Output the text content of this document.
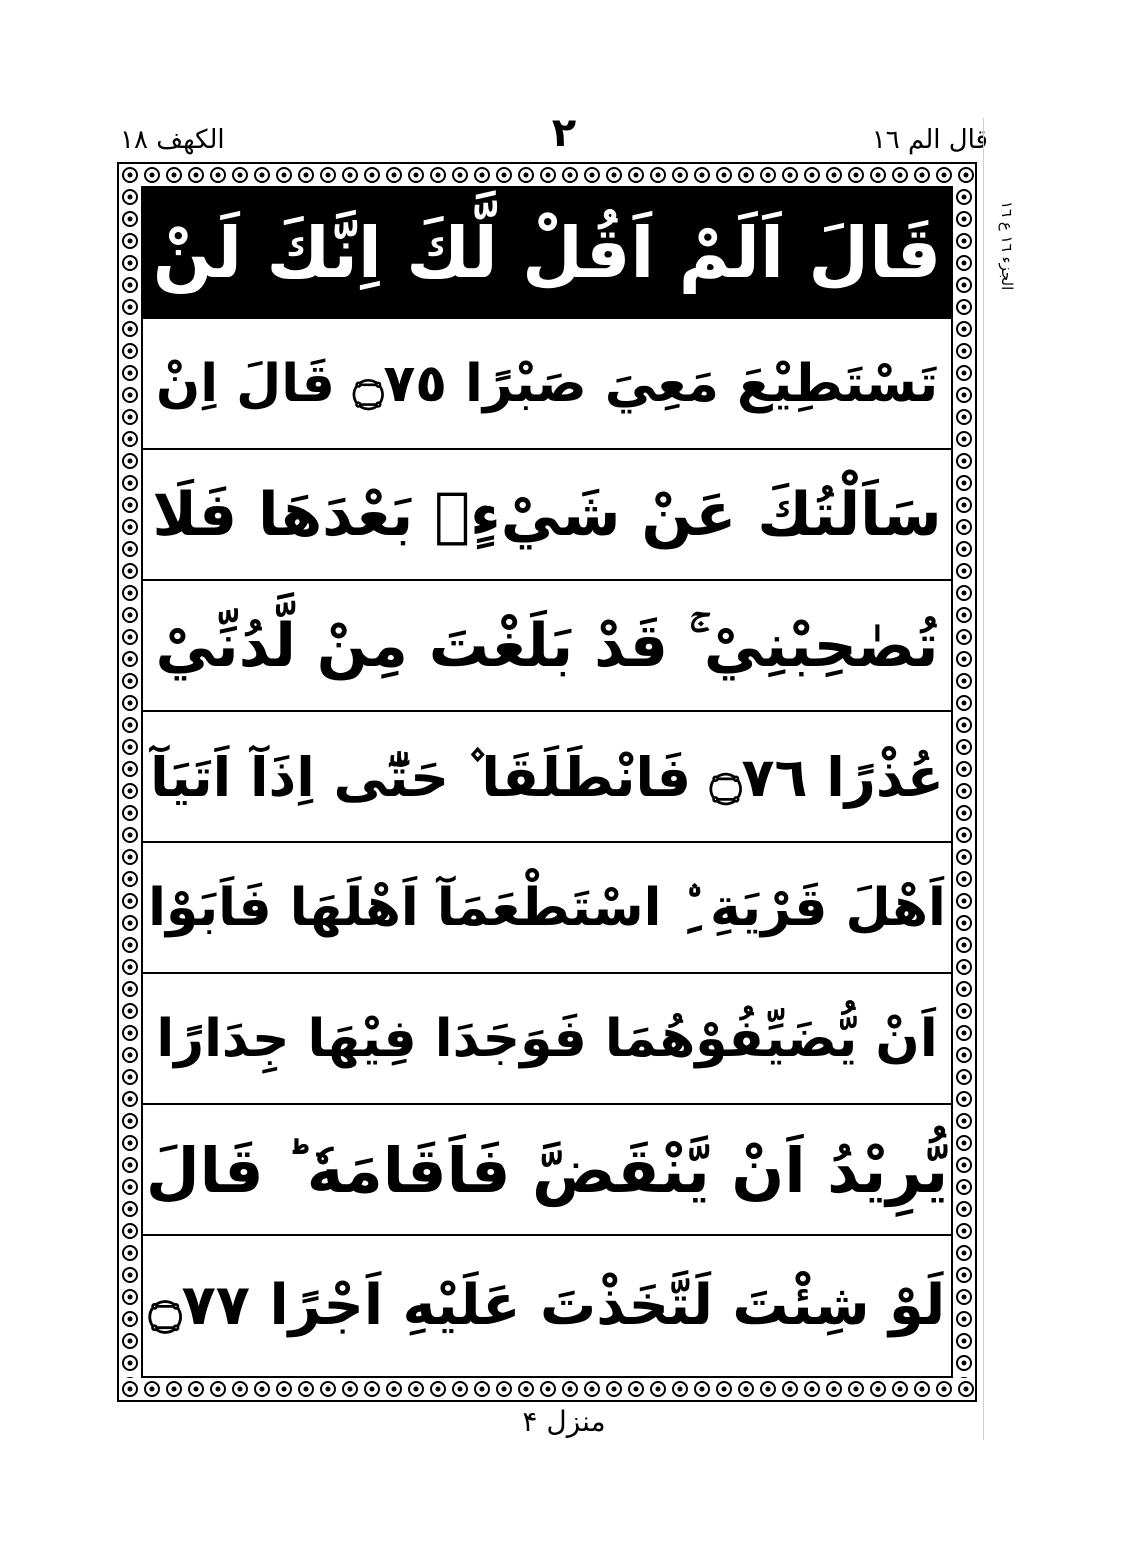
قال الم ١٦
٢
الكهف ١٨
الجزء ١٦ ع ١٦
قَالَ اَلَمْ اَقُلْ لَّكَ اِنَّكَ لَنْ
تَسْتَطِيْعَ مَعِيَ صَبْرًا ۝٧٥ قَالَ اِنْ
سَاَلْتُكَ عَنْ شَيْءٍۭ بَعْدَهَا فَلَا
تُصٰحِبْنِيْ ۚ قَدْ بَلَغْتَ مِنْ لَّدُنِّيْ
عُذْرًا ۝٧٦ فَانْطَلَقَا ۫ حَتّٰٓى اِذَآ اَتَيَآ
اَهْلَ قَرْيَةِ ِۨ اسْتَطْعَمَآ اَهْلَهَا فَاَبَوْا
اَنْ يُّضَيِّفُوْهُمَا فَوَجَدَا فِيْهَا جِدَارًا
يُّرِيْدُ اَنْ يَّنْقَضَّ فَاَقَامَهٗ ؕ قَالَ
لَوْ شِئْتَ لَتَّخَذْتَ عَلَيْهِ اَجْرًا ۝٧٧
منزل ۴
